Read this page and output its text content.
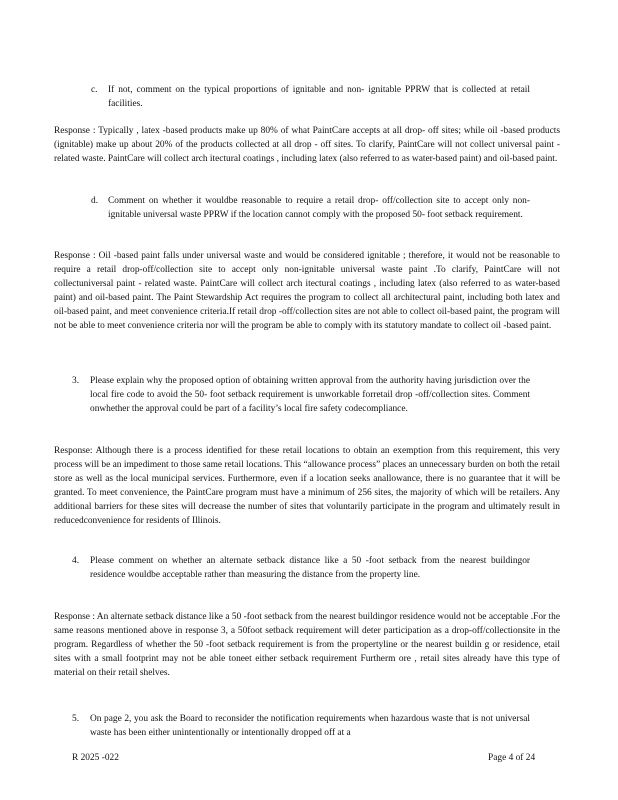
c. If not, comment on the typical proportions of ignitable and non- ignitable PPRW that is collected at retail facilities.
Response : Typically , latex -based products make up 80% of what PaintCare accepts at all drop- off sites; while oil -based products (ignitable) make up about 20% of the products collected at all drop - off sites. To clarify, PaintCare will not collect universal paint -related waste. PaintCare will collect arch itectural coatings , including latex (also referred to as water-based paint) and oil-based paint.
d. Comment on whether it wouldbe reasonable to require a retail drop- off/collection site to accept only non-ignitable universal waste PPRW if the location cannot comply with the proposed 50- foot setback requirement.
Response : Oil -based paint falls under universal waste and would be considered ignitable ; therefore, it would not be reasonable to require a retail drop-off/collection site to accept only non-ignitable universal waste paint .To clarify, PaintCare will not collectuniversal paint - related waste. PaintCare will collect arch itectural coatings , including latex (also referred to as water-based paint) and oil-based paint. The Paint Stewardship Act requires the program to collect all architectural paint, including both latex and oil-based paint, and meet convenience criteria.If retail drop -off/collection sites are not able to collect oil-based paint, the program will not be able to meet convenience criteria nor will the program be able to comply with its statutory mandate to collect oil -based paint.
3. Please explain why the proposed option of obtaining written approval from the authority having jurisdiction over the local fire code to avoid the 50- foot setback requirement is unworkable forretail drop -off/collection sites. Comment onwhether the approval could be part of a facility’s local fire safety codecompliance.
Response: Although there is a process identified for these retail locations to obtain an exemption from this requirement, this very process will be an impediment to those same retail locations. This “allowance process” places an unnecessary burden on both the retail store as well as the local municipal services. Furthermore, even if a location seeks anallowance, there is no guarantee that it will be granted. To meet convenience, the PaintCare program must have a minimum of 256 sites, the majority of which will be retailers. Any additional barriers for these sites will decrease the number of sites that voluntarily participate in the program and ultimately result in reducedconvenience for residents of Illinois.
4. Please comment on whether an alternate setback distance like a 50 -foot setback from the nearest buildingor residence wouldbe acceptable rather than measuring the distance from the property line.
Response : An alternate setback distance like a 50 -foot setback from the nearest buildingor residence would not be acceptable .For the same reasons mentioned above in response 3, a 50foot setback requirement will deter participation as a drop-off/collectionsite in the program. Regardless of whether the 50 -foot setback requirement is from the propertyline or the nearest buildin g or residence, etail sites with a small footprint may not be able toneet either setback requirement Furtherm ore , retail sites already have this type of material on their retail shelves.
5. On page 2, you ask the Board to reconsider the notification requirements when hazardous waste that is not universal waste has been either unintentionally or intentionally dropped off at a
R 2025 -022	Page 4 of 24
